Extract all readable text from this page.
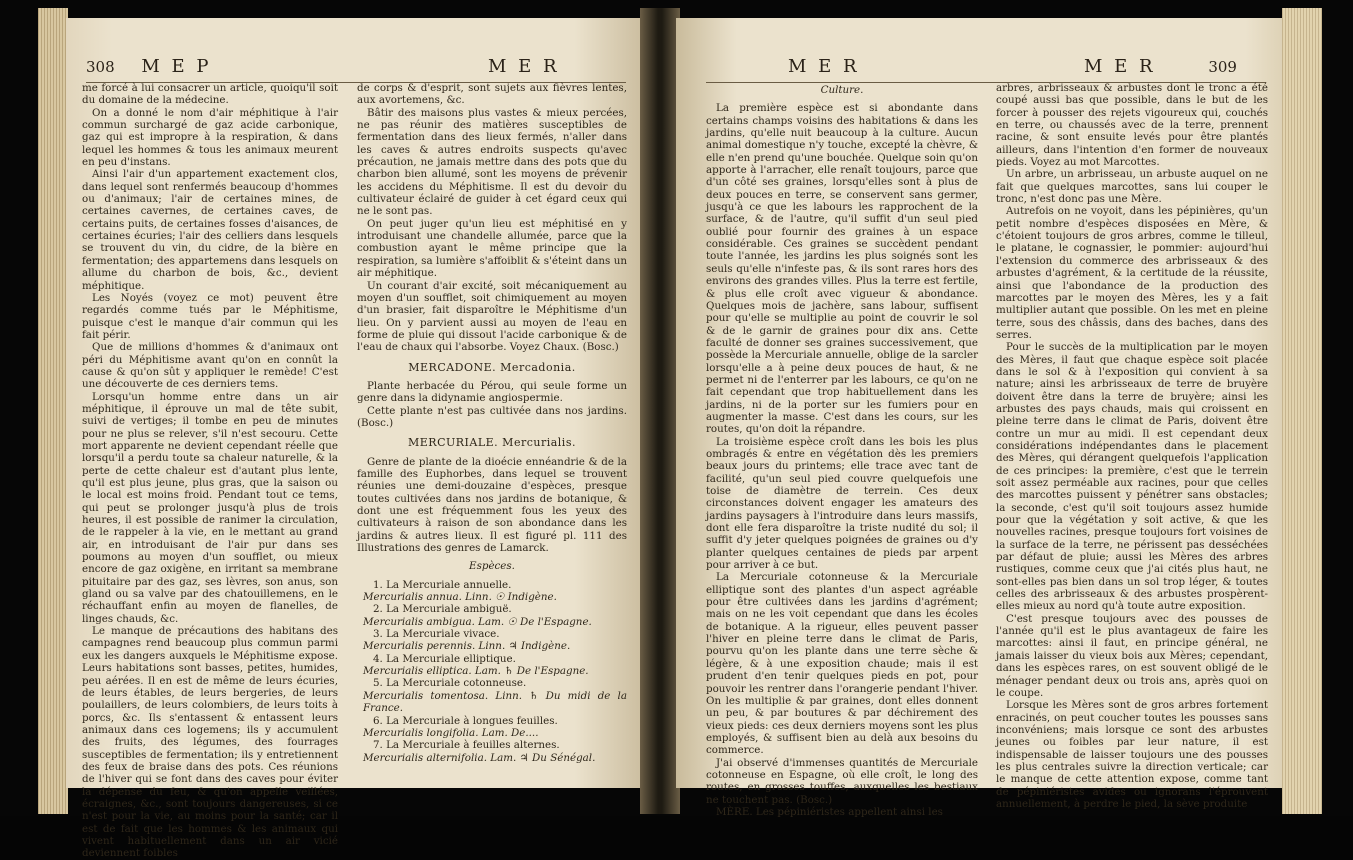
308 M E P	M E R

me forcé à lui consacrer un article, quoiqu'il soit du domaine de la médecine.

On a donné le nom d'air méphitique à l'air commun surchargé de gaz acide carbonique, gaz qui est impropre à la respiration, & dans lequel les hommes & tous les animaux meurent en peu d'instans.

Ainsi l'air d'un appartement exactement clos, dans lequel sont renfermés beaucoup d'hommes ou d'animaux; l'air de certaines mines, de certaines cavernes, de certaines caves, de certains puits, de certaines fosses d'aisances, de certaines écuries; l'air des celliers dans lesquels se trouvent du vin, du cidre, de la bière en fermentation; des appartemens dans lesquels on allume du charbon de bois, &c., devient méphitique.

Les Noyés (voyez ce mot) peuvent être regardés comme tués par le Méphitisme, puisque c'est le manque d'air commun qui les fait périr.

Que de millions d'hommes & d'animaux ont péri du Méphitisme avant qu'on en connût la cause & qu'on sût y appliquer le remède! C'est une découverte de ces derniers tems.

Lorsqu'un homme entre dans un air méphitique, il éprouve un mal de tête subit, suivi de vertiges; il tombe en peu de minutes pour ne plus se relever, s'il n'est secouru. Cette mort apparente ne devient cependant réelle que lorsqu'il a perdu toute sa chaleur naturelle, & la perte de cette chaleur est d'autant plus lente, qu'il est plus jeune, plus gras, que la saison ou le local est moins froid. Pendant tout ce tems, qui peut se prolonger jusqu'à plus de trois heures, il est possible de ranimer la circulation, de le rappeler à la vie, en le mettant au grand air, en introduisant de l'air pur dans ses poumons au moyen d'un soufflet, ou mieux encore de gaz oxigène, en irritant sa membrane pituitaire par des gaz, ses lèvres, son anus, son gland ou sa valve par des chatouillemens, en le réchauffant enfin au moyen de flanelles, de linges chauds, &c.

Le manque de précautions des habitans des campagnes rend beaucoup plus commun parmi eux les dangers auxquels le Méphitisme expose. Leurs habitations sont basses, petites, humides, peu aérées. Il en est de même de leurs écuries, de leurs étables, de leurs bergeries, de leurs poulaillers, de leurs colombiers, de leurs toits à porcs, &c. Ils s'entassent & entassent leurs animaux dans ces logemens; ils y accumulent des fruits, des légumes, des fourrages susceptibles de fermentation; ils y entretiennent des feux de braise dans des pots. Ces réunions de l'hiver qui se font dans des caves pour éviter la dépense du feu, & qu'on appelle veillées, écraignes, &c., sont toujours dangereuses, si ce n'est pour la vie, au moins pour la santé; car il est de fait que les hommes & les animaux qui vivent habituellement dans un air vicié deviennent foibles

de corps & d'esprit, sont sujets aux fièvres lentes, aux avortemens, &c.

Bâtir des maisons plus vastes & mieux percées, ne pas réunir des matières susceptibles de fermentation dans des lieux fermés, n'aller dans les caves & autres endroits suspects qu'avec précaution, ne jamais mettre dans des pots que du charbon bien allumé, sont les moyens de prévenir les accidens du Méphitisme. Il est du devoir du cultivateur éclairé de guider à cet égard ceux qui ne le sont pas.

On peut juger qu'un lieu est méphitisé en y introduisant une chandelle allumée, parce que la combustion ayant le même principe que la respiration, sa lumière s'affoiblit & s'éteint dans un air méphitique.

Un courant d'air excité, soit mécaniquement au moyen d'un soufflet, soit chimiquement au moyen d'un brasier, fait disparoître le Méphitisme d'un lieu. On y parvient aussi au moyen de l'eau en forme de pluie qui dissout l'acide carbonique & de l'eau de chaux qui l'absorbe. Voyez Chaux. (Bosc.)

MERCADONE. Mercadonia.

Plante herbacée du Pérou, qui seule forme un genre dans la didynamie angiospermie.

Cette plante n'est pas cultivée dans nos jardins. (Bosc.)

MERCURIALE. Mercurialis.

Genre de plante de la dioécie ennéandrie & de la famille des Euphorbes, dans lequel se trouvent réunies une demi-douzaine d'espèces, presque toutes cultivées dans nos jardins de botanique, & dont une est fréquemment fous les yeux des cultivateurs à raison de son abondance dans les jardins & autres lieux. Il est figuré pl. 111 des Illustrations des genres de Lamarck.

Espèces.

1. La Mercuriale annuelle.

Mercurialis annua. Linn. ☉ Indigène.

2. La Mercuriale ambiguë.

Mercurialis ambigua. Lam. ☉ De l'Espagne.

3. La Mercuriale vivace.

Mercurialis perennis. Linn. ♃ Indigène.

4. La Mercuriale elliptique.

Mercurialis elliptica. Lam. ♄ De l'Espagne.

5. La Mercuriale cotonneuse.

Mercurialis tomentosa. Linn. ♄ Du midi de la France.

6. La Mercuriale à longues feuilles.

Mercurialis longifolia. Lam. De....

7. La Mercuriale à feuilles alternes.

Mercurialis alternifolia. Lam. ♃ Du Sénégal.

M E R	M E R	309

Culture.

La première espèce est si abondante dans certains champs voisins des habitations & dans les jardins, qu'elle nuit beaucoup à la culture. Aucun animal domestique n'y touche, excepté la chèvre, & elle n'en prend qu'une bouchée. Quelque soin qu'on apporte à l'arracher, elle renaît toujours, parce que d'un côté ses graines, lorsqu'elles sont à plus de deux pouces en terre, se conservent sans germer, jusqu'à ce que les labours les rapprochent de la surface, & de l'autre, qu'il suffit d'un seul pied oublié pour fournir des graines à un espace considérable. Ces graines se succèdent pendant toute l'année, les jardins les plus soignés sont les seuls qu'elle n'infeste pas, & ils sont rares hors des environs des grandes villes. Plus la terre est fertile, & plus elle croît avec vigueur & abondance. Quelques mois de jachère, sans labour, suffisent pour qu'elle se multiplie au point de couvrir le sol & de le garnir de graines pour dix ans. Cette faculté de donner ses graines successivement, que possède la Mercuriale annuelle, oblige de la sarcler lorsqu'elle a à peine deux pouces de haut, & ne permet ni de l'enterrer par les labours, ce qu'on ne fait cependant que trop habituellement dans les jardins, ni de la porter sur les fumiers pour en augmenter la masse. C'est dans les cours, sur les routes, qu'on doit la répandre.

La troisième espèce croît dans les bois les plus ombragés & entre en végétation dès les premiers beaux jours du printems; elle trace avec tant de facilité, qu'un seul pied couvre quelquefois une toise de diamètre de terrein. Ces deux circonstances doivent engager les amateurs des jardins paysagers à l'introduire dans leurs massifs, dont elle fera disparoître la triste nudité du sol; il suffit d'y jeter quelques poignées de graines ou d'y planter quelques centaines de pieds par arpent pour arriver à ce but.

La Mercuriale cotonneuse & la Mercuriale elliptique sont des plantes d'un aspect agréable pour être cultivées dans les jardins d'agrément; mais on ne les voit cependant que dans les écoles de botanique. A la rigueur, elles peuvent passer l'hiver en pleine terre dans le climat de Paris, pourvu qu'on les plante dans une terre sèche & légère, & à une exposition chaude; mais il est prudent d'en tenir quelques pieds en pot, pour pouvoir les rentrer dans l'orangerie pendant l'hiver. On les multiplie & par graines, dont elles donnent un peu, & par boutures & par déchirement des vieux pieds: ces deux derniers moyens sont les plus employés, & suffisent bien au delà aux besoins du commerce.

J'ai observé d'immenses quantités de Mercuriale cotonneuse en Espagne, où elle croît, le long des routes, en grosses touffes, auxquelles les bestiaux ne touchent pas. (Bosc.)

MÈRE. Les pépiniéristes appellent ainsi les

arbres, arbrisseaux & arbustes dont le tronc a été coupé aussi bas que possible, dans le but de les forcer à pousser des rejets vigoureux qui, couchés en terre, ou chaussés avec de la terre, prennent racine, & sont ensuite levés pour être plantés ailleurs, dans l'intention d'en former de nouveaux pieds. Voyez au mot Marcottes.

Un arbre, un arbrisseau, un arbuste auquel on ne fait que quelques marcottes, sans lui couper le tronc, n'est donc pas une Mère.

Autrefois on ne voyoit, dans les pépinières, qu'un petit nombre d'espèces disposées en Mère, & c'étoient toujours de gros arbres, comme le tilleul, le platane, le cognassier, le pommier: aujourd'hui l'extension du commerce des arbrisseaux & des arbustes d'agrément, & la certitude de la réussite, ainsi que l'abondance de la production des marcottes par le moyen des Mères, les y a fait multiplier autant que possible. On les met en pleine terre, sous des châssis, dans des baches, dans des serres.

Pour le succès de la multiplication par le moyen des Mères, il faut que chaque espèce soit placée dans le sol & à l'exposition qui convient à sa nature; ainsi les arbrisseaux de terre de bruyère doivent être dans la terre de bruyère; ainsi les arbustes des pays chauds, mais qui croissent en pleine terre dans le climat de Paris, doivent être contre un mur au midi. Il est cependant deux considérations indépendantes dans le placement des Mères, qui dérangent quelquefois l'application de ces principes: la première, c'est que le terrein soit assez perméable aux racines, pour que celles des marcottes puissent y pénétrer sans obstacles; la seconde, c'est qu'il soit toujours assez humide pour que la végétation y soit active, & que les nouvelles racines, presque toujours fort voisines de la surface de la terre, ne périssent pas desséchées par défaut de pluie; aussi les Mères des arbres rustiques, comme ceux que j'ai cités plus haut, ne sont-elles pas bien dans un sol trop léger, & toutes celles des arbrisseaux & des arbustes prospèrent-elles mieux au nord qu'à toute autre exposition.

C'est presque toujours avec des pousses de l'année qu'il est le plus avantageux de faire les marcottes: ainsi il faut, en principe général, ne jamais laisser du vieux bois aux Mères; cependant, dans les espèces rares, on est souvent obligé de le ménager pendant deux ou trois ans, après quoi on le coupe.

Lorsque les Mères sont de gros arbres fortement enracinés, on peut coucher toutes les pousses sans inconvéniens; mais lorsque ce sont des arbustes jeunes ou foibles par leur nature, il est indispensable de laisser toujours une des pousses les plus centrales suivre la direction verticale; car le manque de cette attention expose, comme tant de pépiniéristes avides ou ignorans l'éprouvent annuellement, à perdre le pied, la sève produite
